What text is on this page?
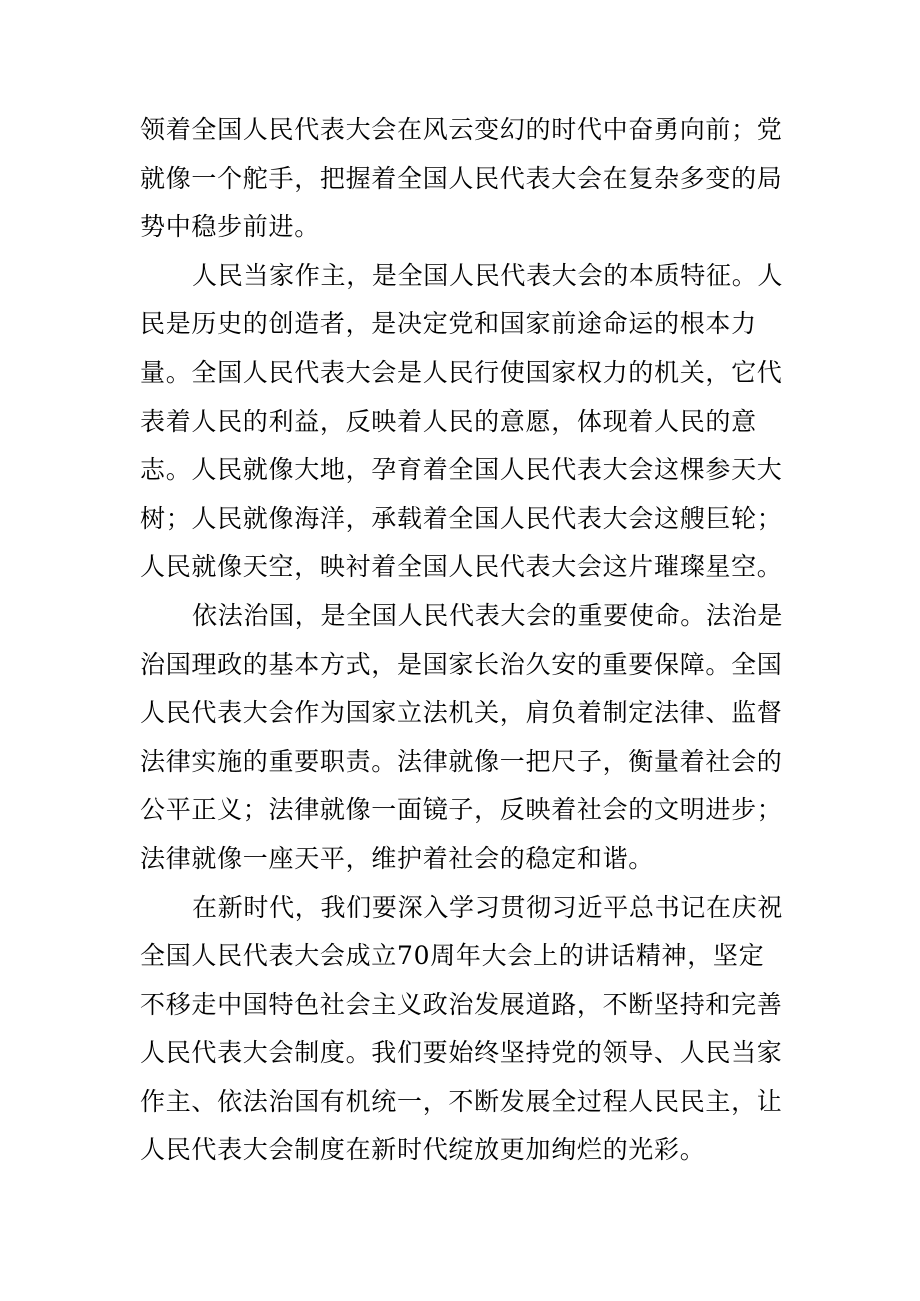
领着全国人民代表大会在风云变幻的时代中奋勇向前；党就像一个舵手，把握着全国人民代表大会在复杂多变的局势中稳步前进。

人民当家作主，是全国人民代表大会的本质特征。人民是历史的创造者，是决定党和国家前途命运的根本力量。全国人民代表大会是人民行使国家权力的机关，它代表着人民的利益，反映着人民的意愿，体现着人民的意志。人民就像大地，孕育着全国人民代表大会这棵参天大树；人民就像海洋，承载着全国人民代表大会这艘巨轮；人民就像天空，映衬着全国人民代表大会这片璀璨星空。

依法治国，是全国人民代表大会的重要使命。法治是治国理政的基本方式，是国家长治久安的重要保障。全国人民代表大会作为国家立法机关，肩负着制定法律、监督法律实施的重要职责。法律就像一把尺子，衡量着社会的公平正义；法律就像一面镜子，反映着社会的文明进步；法律就像一座天平，维护着社会的稳定和谐。

在新时代，我们要深入学习贯彻习近平总书记在庆祝全国人民代表大会成立70周年大会上的讲话精神，坚定不移走中国特色社会主义政治发展道路，不断坚持和完善人民代表大会制度。我们要始终坚持党的领导、人民当家作主、依法治国有机统一，不断发展全过程人民民主，让人民代表大会制度在新时代绽放更加绚烂的光彩。
